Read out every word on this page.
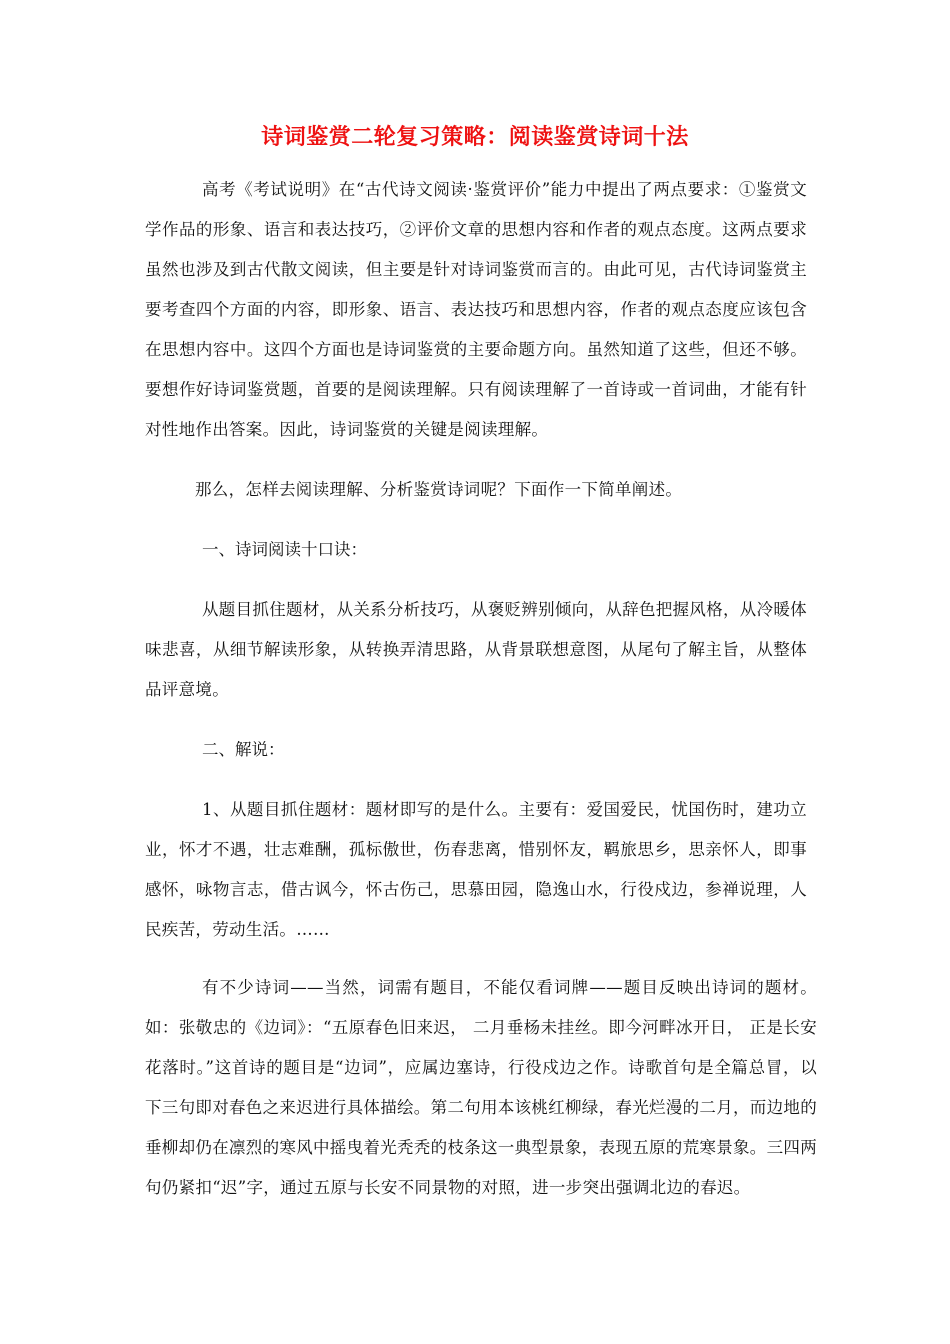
诗词鉴赏二轮复习策略：阅读鉴赏诗词十法

高考《考试说明》在“古代诗文阅读·鉴赏评价”能力中提出了两点要求：①鉴赏文学作品的形象、语言和表达技巧，②评价文章的思想内容和作者的观点态度。这两点要求虽然也涉及到古代散文阅读，但主要是针对诗词鉴赏而言的。由此可见，古代诗词鉴赏主要考查四个方面的内容，即形象、语言、表达技巧和思想内容，作者的观点态度应该包含在思想内容中。这四个方面也是诗词鉴赏的主要命题方向。虽然知道了这些，但还不够。要想作好诗词鉴赏题，首要的是阅读理解。只有阅读理解了一首诗或一首词曲，才能有针对性地作出答案。因此，诗词鉴赏的关键是阅读理解。

那么，怎样去阅读理解、分析鉴赏诗词呢？下面作一下简单阐述。

一、诗词阅读十口诀：

从题目抓住题材，从关系分析技巧，从褒贬辨别倾向，从辞色把握风格，从冷暖体味悲喜，从细节解读形象，从转换弄清思路，从背景联想意图，从尾句了解主旨，从整体品评意境。

二、解说：

1、从题目抓住题材：题材即写的是什么。主要有：爱国爱民，忧国伤时，建功立业，怀才不遇，壮志难酬，孤标傲世，伤春悲离，惜别怀友，羁旅思乡，思亲怀人，即事感怀，咏物言志，借古讽今，怀古伤己，思慕田园，隐逸山水，行役戍边，参禅说理，人民疾苦，劳动生活。……

有不少诗词——当然，词需有题目，不能仅看词牌——题目反映出诗词的题材。如：张敬忠的《边词》：“五原春色旧来迟， 二月垂杨未挂丝。即今河畔冰开日， 正是长安花落时。”这首诗的题目是“边词”，应属边塞诗，行役戍边之作。诗歌首句是全篇总冒，以下三句即对春色之来迟进行具体描绘。第二句用本该桃红柳绿，春光烂漫的二月，而边地的垂柳却仍在凛烈的寒风中摇曳着光秃秃的枝条这一典型景象，表现五原的荒寒景象。三四两句仍紧扣“迟”字，通过五原与长安不同景物的对照，进一步突出强调北边的春迟。
